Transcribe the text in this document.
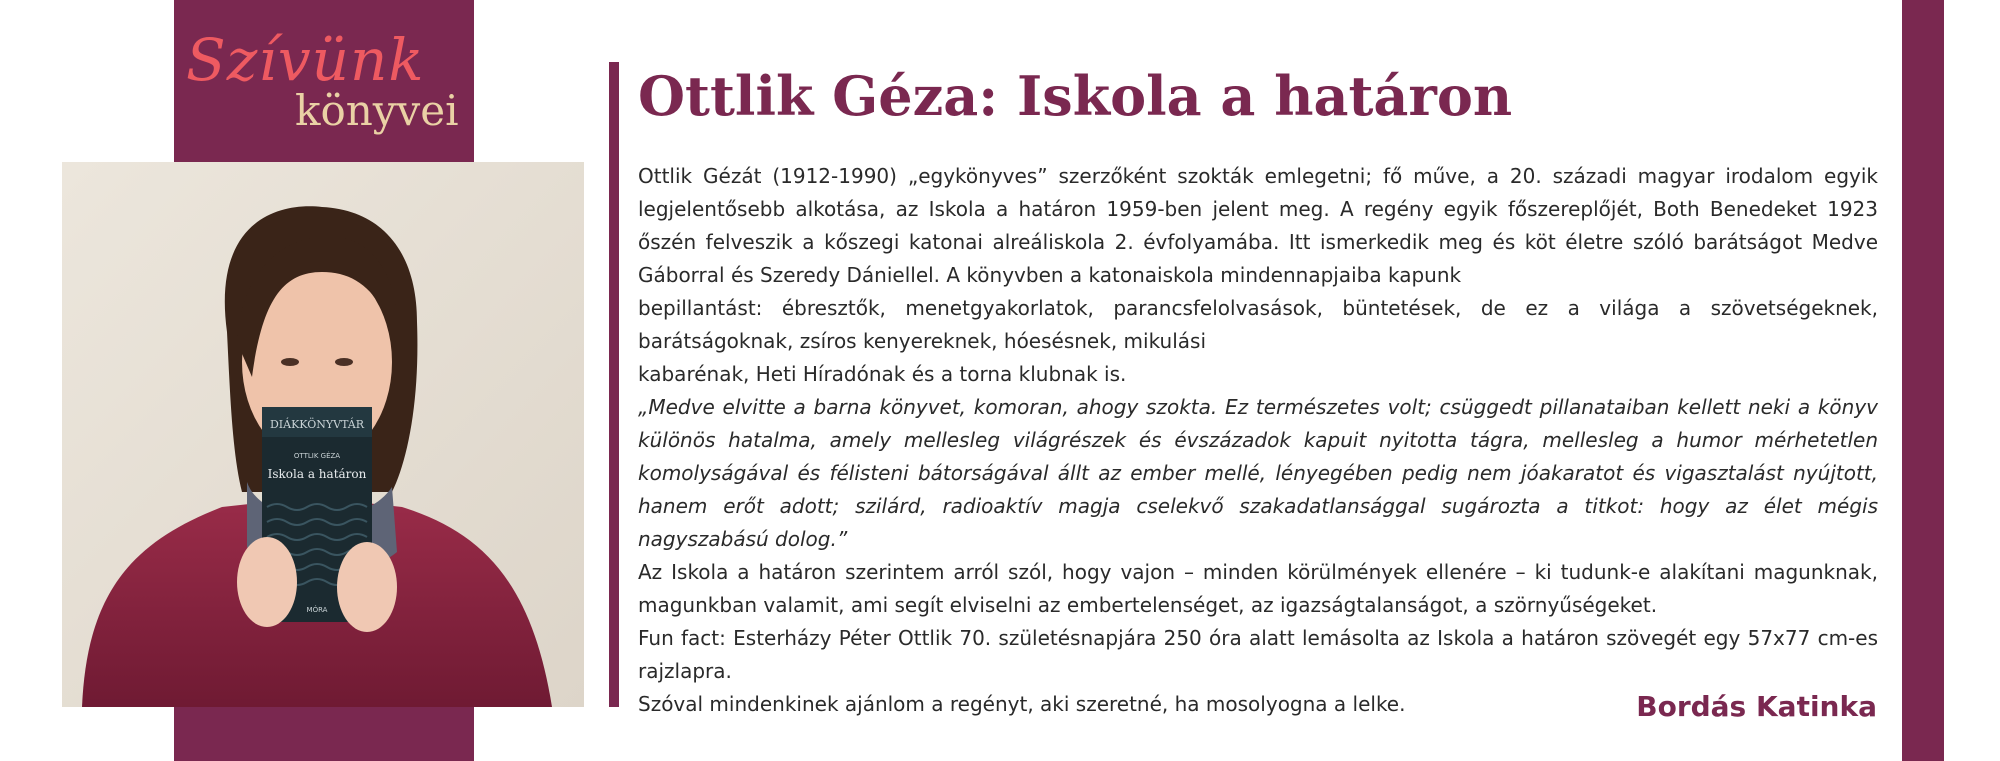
Szívünk
könyvei
DIÁKKÖNYVTÁR
OTTLIK GÉZA
Iskola a határon
MÓRA
Ottlik Géza: Iskola a határon

Ottlik Gézát (1912-1990) „egykönyves” szerzőként szokták emlegetni; fő műve, a 20. századi magyar irodalom egyik legjelentősebb alkotása, az Iskola a határon 1959-ben jelent meg. A regény egyik főszereplőjét, Both Benedeket 1923 őszén felveszik a kőszegi katonai alreáliskola 2. évfolyamába. Itt ismerkedik meg és köt életre szóló barátságot Medve Gáborral és Szeredy Dániellel. A könyvben a katonaiskola mindennapjaiba kapunk

bepillantást: ébresztők, menetgyakorlatok, parancsfelolvasások, büntetések, de ez a világa a szövetségeknek, barátságoknak, zsíros kenyereknek, hóesésnek, mikulási

kabarénak, Heti Híradónak és a torna klubnak is.

„Medve elvitte a barna könyvet, komoran, ahogy szokta. Ez természetes volt; csüggedt pillanataiban kellett neki a könyv különös hatalma, amely mellesleg világrészek és évszázadok kapuit nyitotta tágra, mellesleg a humor mérhetetlen komolyságával és félisteni bátorságával állt az ember mellé, lényegében pedig nem jóakaratot és vigasztalást nyújtott, hanem erőt adott; szilárd, radioaktív magja cselekvő szakadatlansággal sugározta a titkot: hogy az élet mégis nagyszabású dolog.”

Az Iskola a határon szerintem arról szól, hogy vajon – minden körülmények ellenére – ki tudunk-e alakítani magunknak, magunkban valamit, ami segít elviselni az embertelenséget, az igazságtalanságot, a szörnyűségeket.

Fun fact: Esterházy Péter Ottlik 70. születésnapjára 250 óra alatt lemásolta az Iskola a határon szövegét egy 57x77 cm-es rajzlapra.

Szóval mindenkinek ajánlom a regényt, aki szeretné, ha mosolyogna a lelke.	Bordás Katinka
